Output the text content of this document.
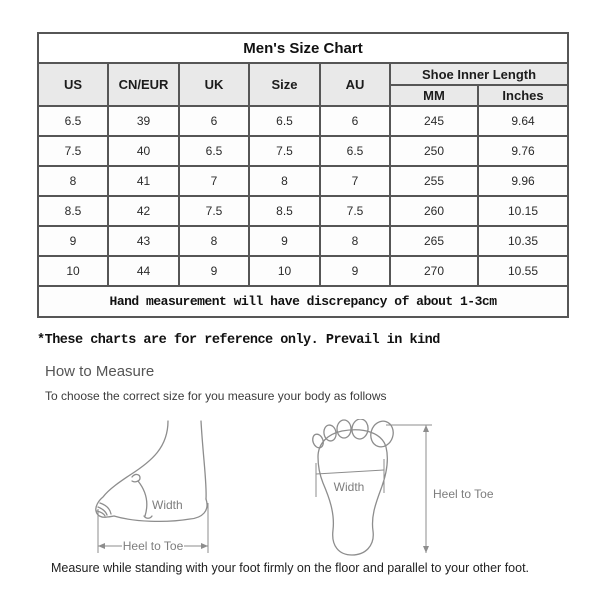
Men's Size Chart						
US	CN/EUR	UK	Size	AU	Shoe Inner Length	
					MM	Inches
6.5	39	6	6.5	6	245	9.64
7.5	40	6.5	7.5	6.5	250	9.76
8	41	7	8	7	255	9.96
8.5	42	7.5	8.5	7.5	260	10.15
9	43	8	9	8	265	10.35
10	44	9	10	9	270	10.55
Hand measurement will have discrepancy of about 1-3cm						
*These charts are for reference only. Prevail in kind
How to Measure
To choose the correct size for you measure your body as follows
Width
Heel to Toe
Width	Heel to Toe
Measure while standing with your foot firmly on the floor and parallel to your other foot.
